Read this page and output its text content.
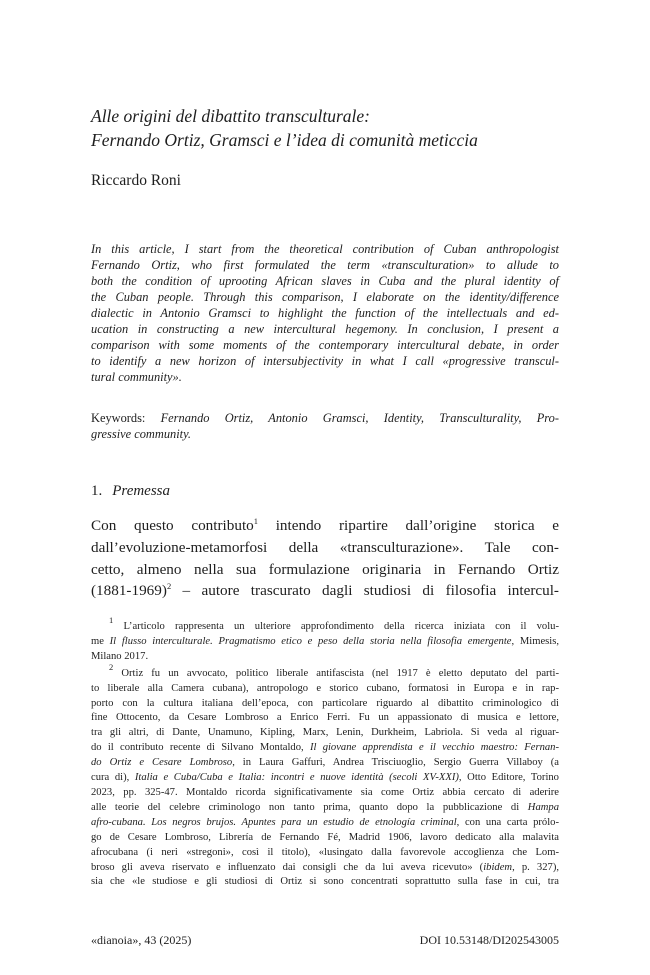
Alle origini del dibattito transculturale:
Fernando Ortiz, Gramsci e l’idea di comunità meticcia
Riccardo Roni
In this article, I start from the theoretical contribution of Cuban anthropologist
Fernando Ortiz, who first formulated the term «transculturation» to allude to
both the condition of uprooting African slaves in Cuba and the plural identity of
the Cuban people. Through this comparison, I elaborate on the identity/difference
dialectic in Antonio Gramsci to highlight the function of the intellectuals and ed-
ucation in constructing a new intercultural hegemony. In conclusion, I present a
comparison with some moments of the contemporary intercultural debate, in order
to identify a new horizon of intersubjectivity in what I call «progressive transcul-
tural community».
Keywords: Fernando Ortiz, Antonio Gramsci, Identity, Transculturality, Pro-
gressive community.
1. Premessa
Con questo contributo$^1$ intendo ripartire dall’origine storica e
dall’evoluzione-metamorfosi della «transculturazione». Tale con-
cetto, almeno nella sua formulazione originaria in Fernando Ortiz
(1881-1969)$^2$ – autore trascurato dagli studiosi di filosofia intercul-
$^1$ L’articolo rappresenta un ulteriore approfondimento della ricerca iniziata con il volu-
me Il flusso interculturale. Pragmatismo etico e peso della storia nella filosofia emergente, Mimesis,
Milano 2017.
$^2$ Ortiz fu un avvocato, politico liberale antifascista (nel 1917 è eletto deputato del parti-
to liberale alla Camera cubana), antropologo e storico cubano, formatosi in Europa e in rap-
porto con la cultura italiana dell’epoca, con particolare riguardo al dibattito criminologico di
fine Ottocento, da Cesare Lombroso a Enrico Ferri. Fu un appassionato di musica e lettore,
tra gli altri, di Dante, Unamuno, Kipling, Marx, Lenin, Durkheim, Labriola. Si veda al riguar-
do il contributo recente di Silvano Montaldo, Il giovane apprendista e il vecchio maestro: Fernan-
do Ortiz e Cesare Lombroso, in Laura Gaffuri, Andrea Trisciuoglio, Sergio Guerra Villaboy (a
cura di), Italia e Cuba/Cuba e Italia: incontri e nuove identità (secoli XV-XXI), Otto Editore, Torino
2023, pp. 325-47. Montaldo ricorda significativamente sia come Ortiz abbia cercato di aderire
alle teorie del celebre criminologo non tanto prima, quanto dopo la pubblicazione di Hampa
afro-cubana. Los negros brujos. Apuntes para un estudio de etnología criminal, con una carta prólo-
go de Cesare Lombroso, Librería de Fernando Fé, Madrid 1906, lavoro dedicato alla malavita
afrocubana (i neri «stregoni», così il titolo), «lusingato dalla favorevole accoglienza che Lom-
broso gli aveva riservato e influenzato dai consigli che da lui aveva ricevuto» (ibidem, p. 327),
sia che «le studiose e gli studiosi di Ortiz si sono concentrati soprattutto sulla fase in cui, tra
«dianoia», 43 (2025)	DOI 10.53148/DI202543005
